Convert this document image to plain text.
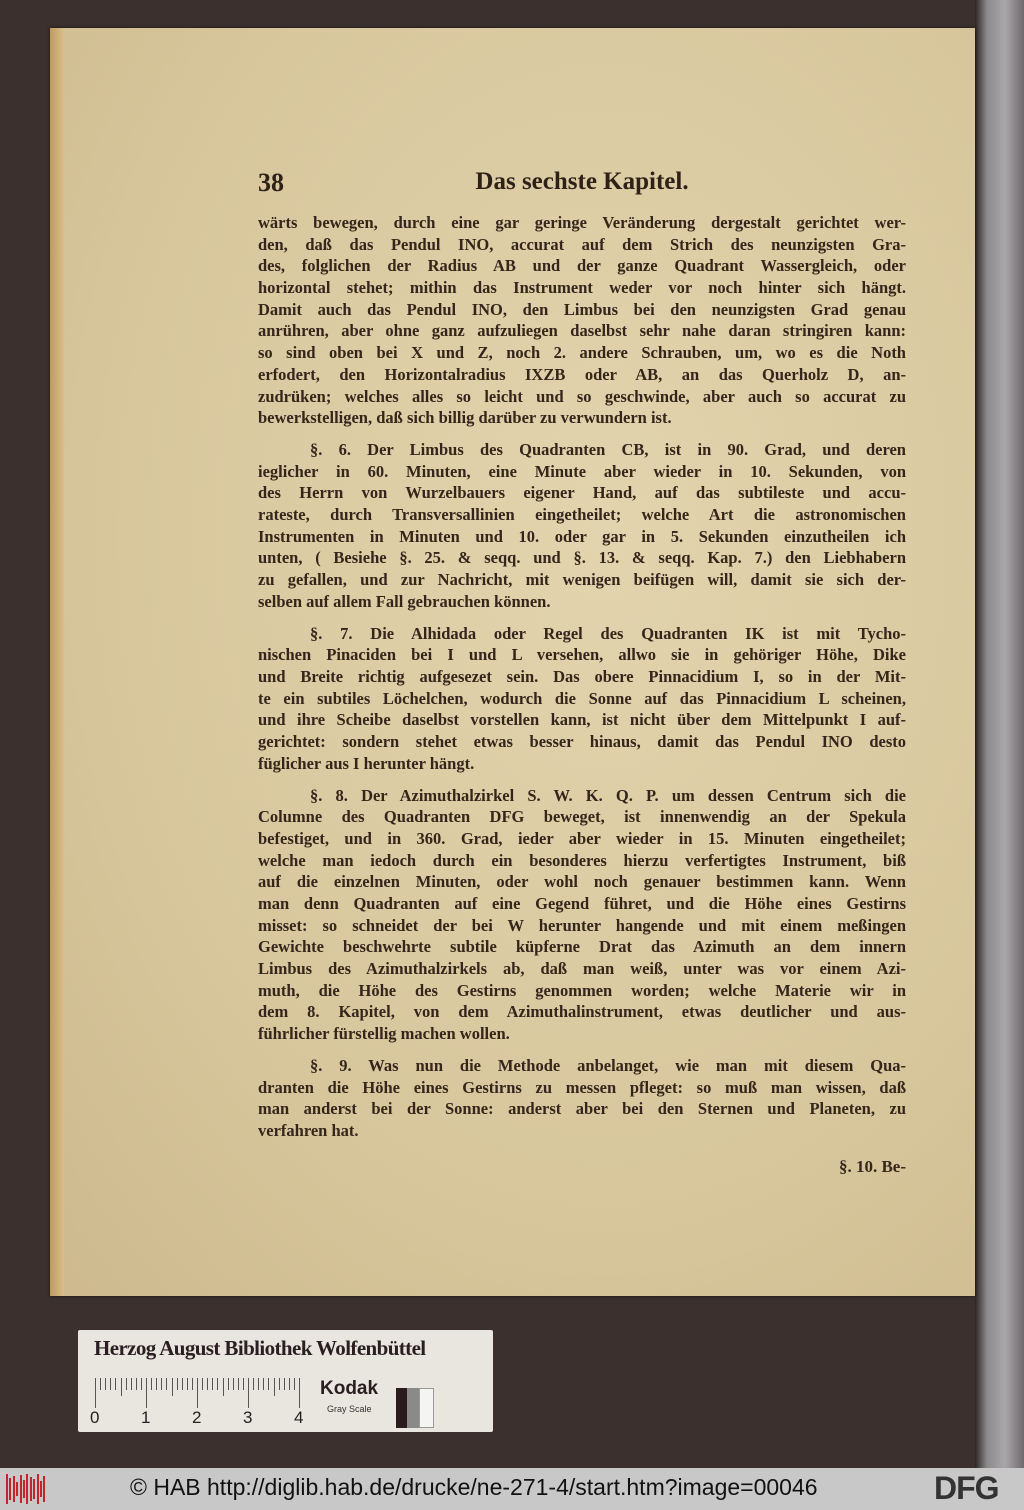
38	Das sechste Kapitel.
wärts bewegen, durch eine gar geringe Veränderung dergestalt gerichtet wer-
den, daß das Pendul INO, accurat auf dem Strich des neunzigsten Gra-
des, folglichen der Radius AB und der ganze Quadrant Wassergleich, oder
horizontal stehet; mithin das Instrument weder vor noch hinter sich hängt.
Damit auch das Pendul INO, den Limbus bei den neunzigsten Grad genau
anrühren, aber ohne ganz aufzuliegen daselbst sehr nahe daran stringiren kann:
so sind oben bei X und Z, noch 2. andere Schrauben, um, wo es die Noth
erfodert, den Horizontalradius IXZB oder AB, an das Querholz D, an-
zudrüken; welches alles so leicht und so geschwinde, aber auch so accurat zu
bewerkstelligen, daß sich billig darüber zu verwundern ist.
§. 6. Der Limbus des Quadranten CB, ist in 90. Grad, und deren
ieglicher in 60. Minuten, eine Minute aber wieder in 10. Sekunden, von
des Herrn von Wurzelbauers eigener Hand, auf das subtileste und accu-
rateste, durch Transversallinien eingetheilet; welche Art die astronomischen
Instrumenten in Minuten und 10. oder gar in 5. Sekunden einzutheilen ich
unten, ( Besiehe §. 25. & seqq. und §. 13. & seqq. Kap. 7.) den Liebhabern
zu gefallen, und zur Nachricht, mit wenigen beifügen will, damit sie sich der-
selben auf allem Fall gebrauchen können.
§. 7. Die Alhidada oder Regel des Quadranten IK ist mit Tycho-
nischen Pinaciden bei I und L versehen, allwo sie in gehöriger Höhe, Dike
und Breite richtig aufgesezet sein. Das obere Pinnacidium I, so in der Mit-
te ein subtiles Löchelchen, wodurch die Sonne auf das Pinnacidium L scheinen,
und ihre Scheibe daselbst vorstellen kann, ist nicht über dem Mittelpunkt I auf-
gerichtet: sondern stehet etwas besser hinaus, damit das Pendul INO desto
füglicher aus I herunter hängt.
§. 8. Der Azimuthalzirkel S. W. K. Q. P. um dessen Centrum sich die
Columne des Quadranten DFG beweget, ist innenwendig an der Spekula
befestiget, und in 360. Grad, ieder aber wieder in 15. Minuten eingetheilet;
welche man iedoch durch ein besonderes hierzu verfertigtes Instrument, biß
auf die einzelnen Minuten, oder wohl noch genauer bestimmen kann. Wenn
man denn Quadranten auf eine Gegend führet, und die Höhe eines Gestirns
misset: so schneidet der bei W herunter hangende und mit einem meßingen
Gewichte beschwehrte subtile küpferne Drat das Azimuth an dem innern
Limbus des Azimuthalzirkels ab, daß man weiß, unter was vor einem Azi-
muth, die Höhe des Gestirns genommen worden; welche Materie wir in
dem 8. Kapitel, von dem Azimuthalinstrument, etwas deutlicher und aus-
führlicher fürstellig machen wollen.
§. 9. Was nun die Methode anbelanget, wie man mit diesem Qua-
dranten die Höhe eines Gestirns zu messen pfleget: so muß man wissen, daß
man anderst bei der Sonne: anderst aber bei den Sternen und Planeten, zu
verfahren hat.
§. 10. Be-
Herzog August Bibliothek Wolfenbüttel
0 1 2 3 4
Kodak
Gray Scale
© HAB http://diglib.hab.de/drucke/ne-271-4/start.htm?image=00046	DFG
